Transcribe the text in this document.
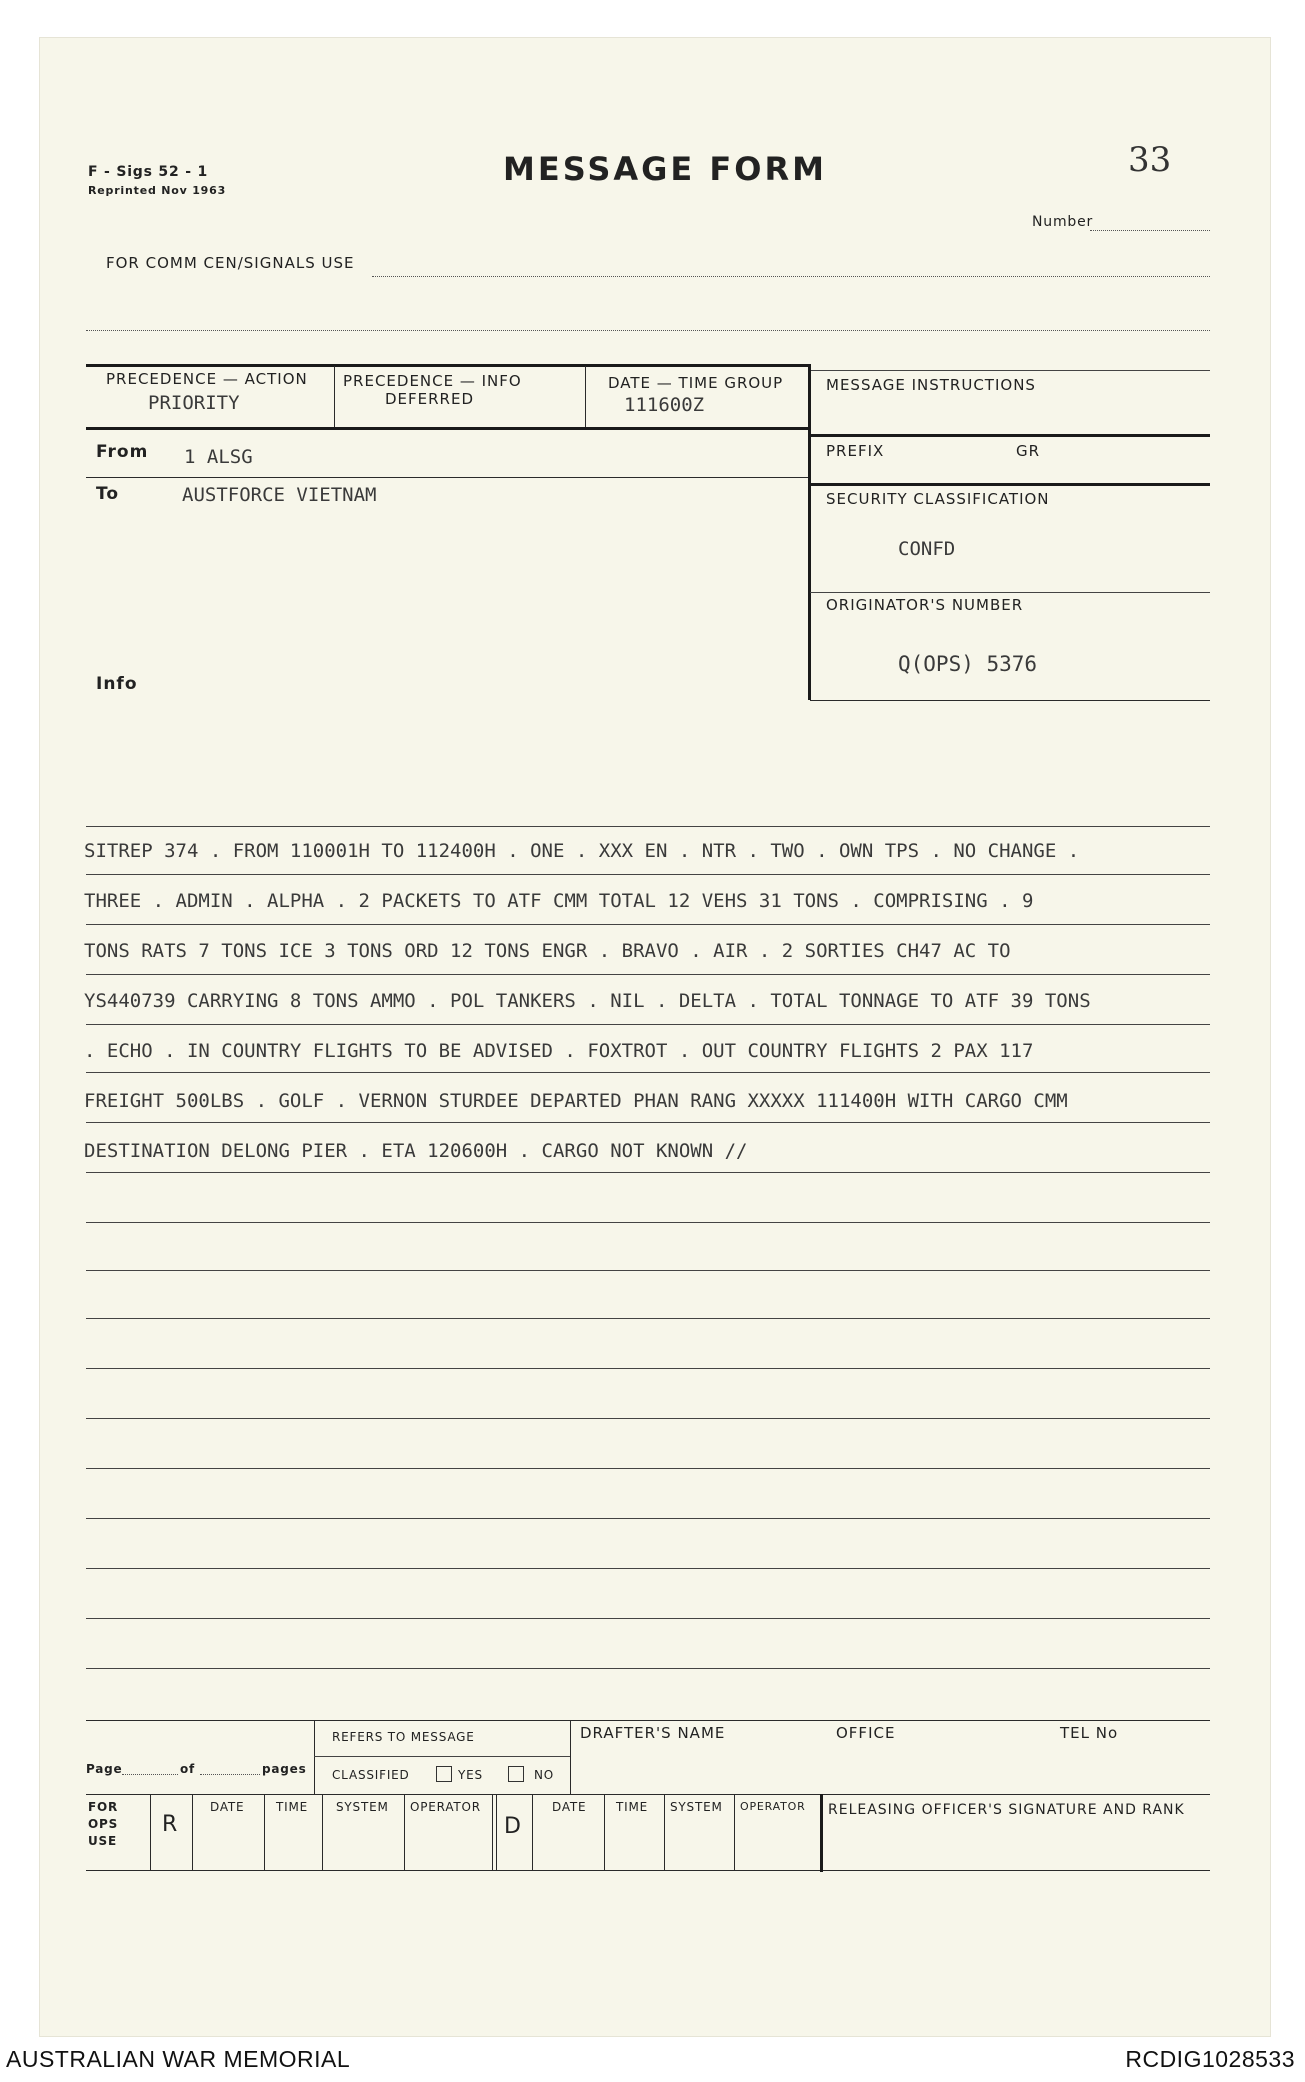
F - Sigs 52 - 1
Reprinted Nov 1963
MESSAGE FORM	33
Number
FOR COMM CEN/SIGNALS USE
PRECEDENCE — ACTION
PRIORITY
PRECEDENCE — INFO
DEFERRED
DATE — TIME GROUP
111600Z
MESSAGE INSTRUCTIONS
PREFIX	GR
SECURITY CLASSIFICATION
CONFD
ORIGINATOR'S NUMBER
Q(OPS) 5376
From 1 ALSG
To	AUSTFORCE VIETNAM
Info
SITREP 374 . FROM 110001H TO 112400H . ONE . XXX EN . NTR . TWO . OWN TPS . NO CHANGE .
THREE . ADMIN . ALPHA . 2 PACKETS TO ATF CMM TOTAL 12 VEHS 31 TONS . COMPRISING . 9
TONS RATS 7 TONS ICE 3 TONS ORD 12 TONS ENGR . BRAVO . AIR . 2 SORTIES CH47 AC TO
YS440739 CARRYING 8 TONS AMMO . POL TANKERS . NIL . DELTA . TOTAL TONNAGE TO ATF 39 TONS
. ECHO . IN COUNTRY FLIGHTS TO BE ADVISED . FOXTROT . OUT COUNTRY FLIGHTS 2 PAX 117
FREIGHT 500LBS . GOLF . VERNON STURDEE DEPARTED PHAN RANG XXXXX 111400H WITH CARGO CMM
DESTINATION DELONG PIER . ETA 120600H . CARGO NOT KNOWN //
Page	of	pages
REFERS TO MESSAGE
CLASSIFIED	YES	NO
DRAFTER'S NAME	OFFICE	TEL No
FOR
OPS
USE
R
DATE	TIME SYSTEM OPERATOR
D
DATE TIME SYSTEM OPERATOR RELEASING OFFICER'S SIGNATURE AND RANK
AUSTRALIAN WAR MEMORIAL	RCDIG1028533
